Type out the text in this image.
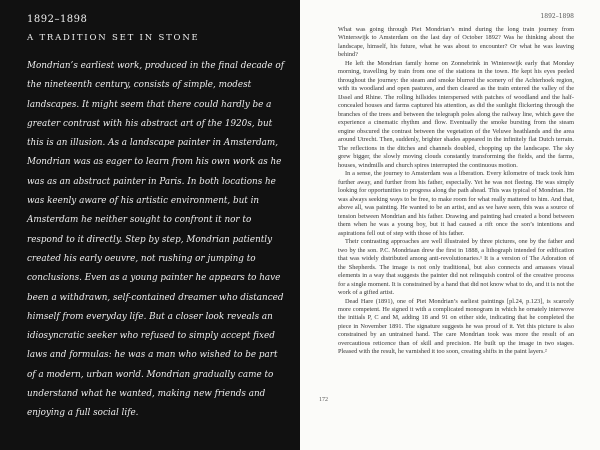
1892–1898

A TRADITION SET IN STONE

Mondrian’s earliest work, produced in the final decade of the nineteenth century, consists of simple, modest landscapes. It might seem that there could hardly be a greater contrast with his abstract art of the 1920s, but this is an illusion. As a landscape painter in Amsterdam, Mondrian was as eager to learn from his own work as he was as an abstract painter in Paris. In both locations he was keenly aware of his artistic environment, but in Amsterdam he neither sought to confront it nor to respond to it directly. Step by step, Mondrian patiently created his early oeuvre, not rushing or jumping to conclusions. Even as a young painter he appears to have been a withdrawn, self-contained dreamer who distanced himself from everyday life. But a closer look reveals an idiosyncratic seeker who refused to simply accept fixed laws and formulas: he was a man who wished to be part of a modern, urban world. Mondrian gradually came to understand what he wanted, making new friends and enjoying a full social life.

1892–1898

What was going through Piet Mondrian’s mind during the long train journey from Winterswijk to Amsterdam on the last day of October 1892? Was he thinking about the landscape, himself, his future, what he was about to encounter? Or what he was leaving behind?

He left the Mondrian family home on Zonnebrink in Winterswijk early that Monday morning, travelling by train from one of the stations in the town. He kept his eyes peeled throughout the journey: the steam and smoke blurred the scenery of the Achterhoek region, with its woodland and open pastures, and then cleared as the train entered the valley of the IJssel and Rhine. The rolling hillsides interspersed with patches of woodland and the half-concealed houses and farms captured his attention, as did the sunlight flickering through the branches of the trees and between the telegraph poles along the railway line, which gave the experience a cinematic rhythm and flow. Eventually the smoke bursting from the steam engine obscured the contrast between the vegetation of the Veluwe heathlands and the area around Utrecht. Then, suddenly, brighter shades appeared in the infinitely flat Dutch terrain. The reflections in the ditches and channels doubled, chopping up the landscape. The sky grew bigger, the slowly moving clouds constantly transforming the fields, and the farms, houses, windmills and church spires interrupted the continuous motion.

In a sense, the journey to Amsterdam was a liberation. Every kilometre of track took him further away, and further from his father, especially. Yet he was not fleeing. He was simply looking for opportunities to progress along the path ahead. This was typical of Mondrian. He was always seeking ways to be free, to make room for what really mattered to him. And that, above all, was painting. He wanted to be an artist, and as we have seen, this was a source of tension between Mondrian and his father. Drawing and painting had created a bond between them when he was a young boy, but it had caused a rift once the son’s intentions and aspirations fell out of step with those of his father.

Their contrasting approaches are well illustrated by three pictures, one by the father and two by the son. P.C. Mondriaan drew the first in 1888, a lithograph intended for edification that was widely distributed among anti-revolutionaries.¹ It is a version of The Adoration of the Shepherds. The image is not only traditional, but also connects and amasses visual elements in a way that suggests the painter did not relinquish control of the creative process for a single moment. It is constrained by a hand that did not know what to do, and it is not the work of a gifted artist.

Dead Hare (1891), one of Piet Mondrian’s earliest paintings [pl.24, p.123], is scarcely more competent. He signed it with a complicated monogram in which he ornately interwove the initials P, C and M, adding 18 and 91 on either side, indicating that he completed the piece in November 1891. The signature suggests he was proud of it. Yet this picture is also constrained by an untrained hand. The care Mondrian took was more the result of an overcautious reticence than of skill and precision. He built up the image in two stages. Pleased with the result, he varnished it too soon, creating shifts in the paint layers.²

172
